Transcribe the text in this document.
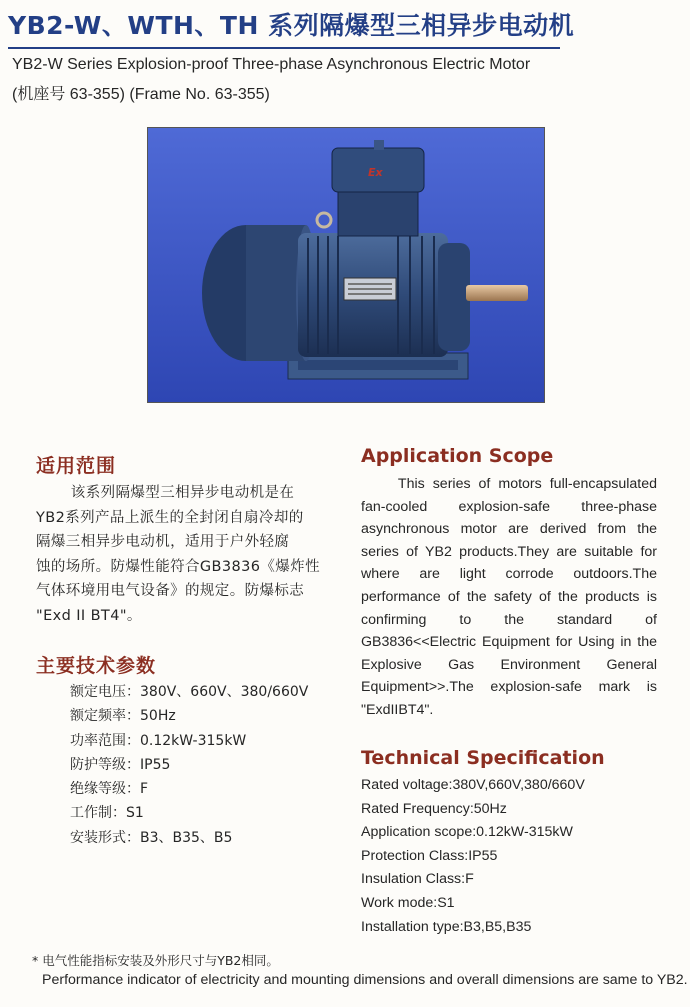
YB2-W、WTH、TH 系列隔爆型三相异步电动机
YB2-W Series Explosion-proof Three-phase Asynchronous Electric Motor
(机座号 63-355) (Frame No. 63-355)
Ex
适用范围
该系列隔爆型三相异步电动机是在
YB2系列产品上派生的全封闭自扇冷却的
隔爆三相异步电动机，适用于户外轻腐
蚀的场所。防爆性能符合GB3836《爆炸性
气体环境用电气设备》的规定。防爆标志
"Exd II BT4"。
Application Scope

This series of motors full-encapsulated fan-cooled explosion-safe three-phase asynchronous motor are derived from the series of YB2 products.They are suitable for where are light corrode outdoors.The performance of the safety of the products is confirming to the standard of GB3836<<Electric Equipment for Using in the Explosive Gas Environment General Equipment>>.The explosion-safe mark is "ExdIIBT4".

主要技术参数
额定电压：380V、660V、380/660V
额定频率：50Hz
功率范围：0.12kW-315kW
防护等级：IP55
绝缘等级：F
工作制：S1
安装形式：B3、B35、B5
Technical Specification
Rated voltage:380V,660V,380/660V
Rated Frequency:50Hz
Application scope:0.12kW-315kW
Protection Class:IP55
Insulation Class:F
Work mode:S1
Installation type:B3,B5,B35
* 电气性能指标安装及外形尺寸与YB2相同。
Performance indicator of electricity and mounting dimensions and overall dimensions are same to YB2.
